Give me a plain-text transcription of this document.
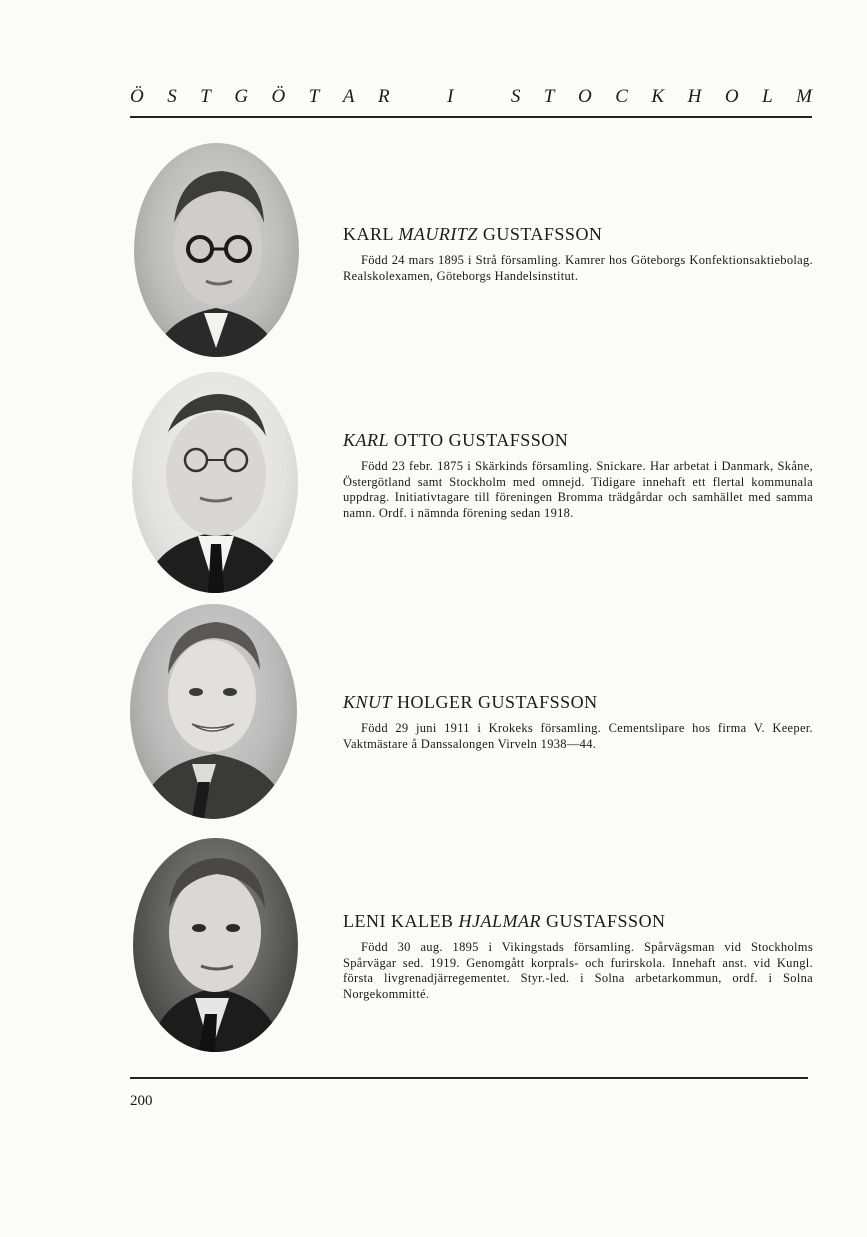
Ö S T G Ö T A R	I	S T O C K H O L M

KARL MAURITZ GUSTAFSSON

Född 24 mars 1895 i Strå församling. Kamrer hos Göteborgs Konfektionsaktiebolag. Realskolexamen, Göteborgs Handelsinstitut.

KARL OTTO GUSTAFSSON

Född 23 febr. 1875 i Skärkinds församling. Snickare. Har arbetat i Danmark, Skåne, Östergötland samt Stockholm med omnejd. Tidigare innehaft ett flertal kommunala uppdrag. Initiativtagare till föreningen Bromma trädgårdar och samhället med samma namn. Ordf. i nämnda förening sedan 1918.

KNUT HOLGER GUSTAFSSON

Född 29 juni 1911 i Krokeks församling. Cementslipare hos firma V. Keeper. Vaktmästare å Danssalongen Virveln 1938—44.

LENI KALEB HJALMAR GUSTAFSSON

Född 30 aug. 1895 i Vikingstads församling. Spårvägsman vid Stockholms Spårvägar sed. 1919. Genomgått korprals- och furirskola. Innehaft anst. vid Kungl. första livgrenadjärregementet. Styr.-led. i Solna arbetarkommun, ordf. i Solna Norgekommitté.

200
